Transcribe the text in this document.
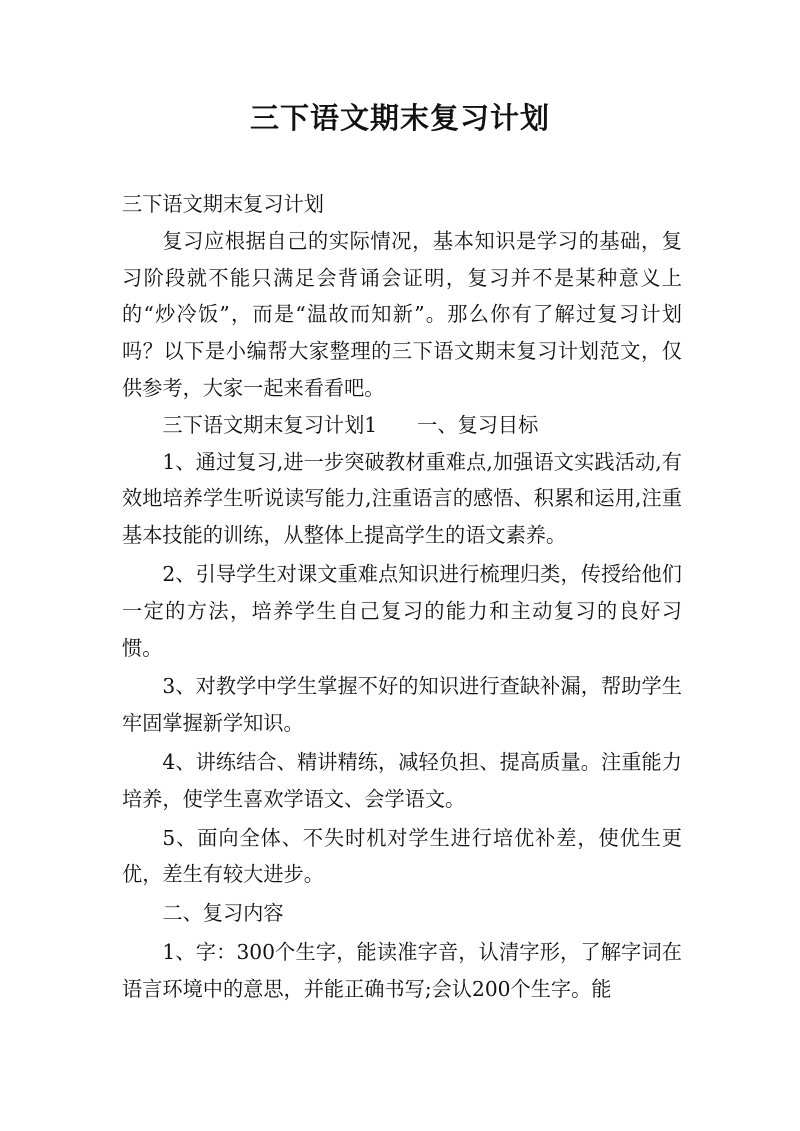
三下语文期末复习计划

三下语文期末复习计划

复习应根据自己的实际情况，基本知识是学习的基础，复习阶段就不能只满足会背诵会证明，复习并不是某种意义上的“炒冷饭”，而是“温故而知新”。那么你有了解过复习计划吗？以下是小编帮大家整理的三下语文期末复习计划范文，仅供参考，大家一起来看看吧。

三下语文期末复习计划1 一、复习目标

1、通过复习,进一步突破教材重难点,加强语文实践活动,有效地培养学生听说读写能力,注重语言的感悟、积累和运用,注重基本技能的训练，从整体上提高学生的语文素养。

2、引导学生对课文重难点知识进行梳理归类，传授给他们一定的方法，培养学生自己复习的能力和主动复习的良好习惯。

3、对教学中学生掌握不好的知识进行查缺补漏，帮助学生牢固掌握新学知识。

4、讲练结合、精讲精练，减轻负担、提高质量。注重能力培养，使学生喜欢学语文、会学语文。

5、面向全体、不失时机对学生进行培优补差，使优生更优，差生有较大进步。

二、复习内容

1、字：300个生字，能读准字音，认清字形，了解字词在语言环境中的意思，并能正确书写;会认200个生字。能
